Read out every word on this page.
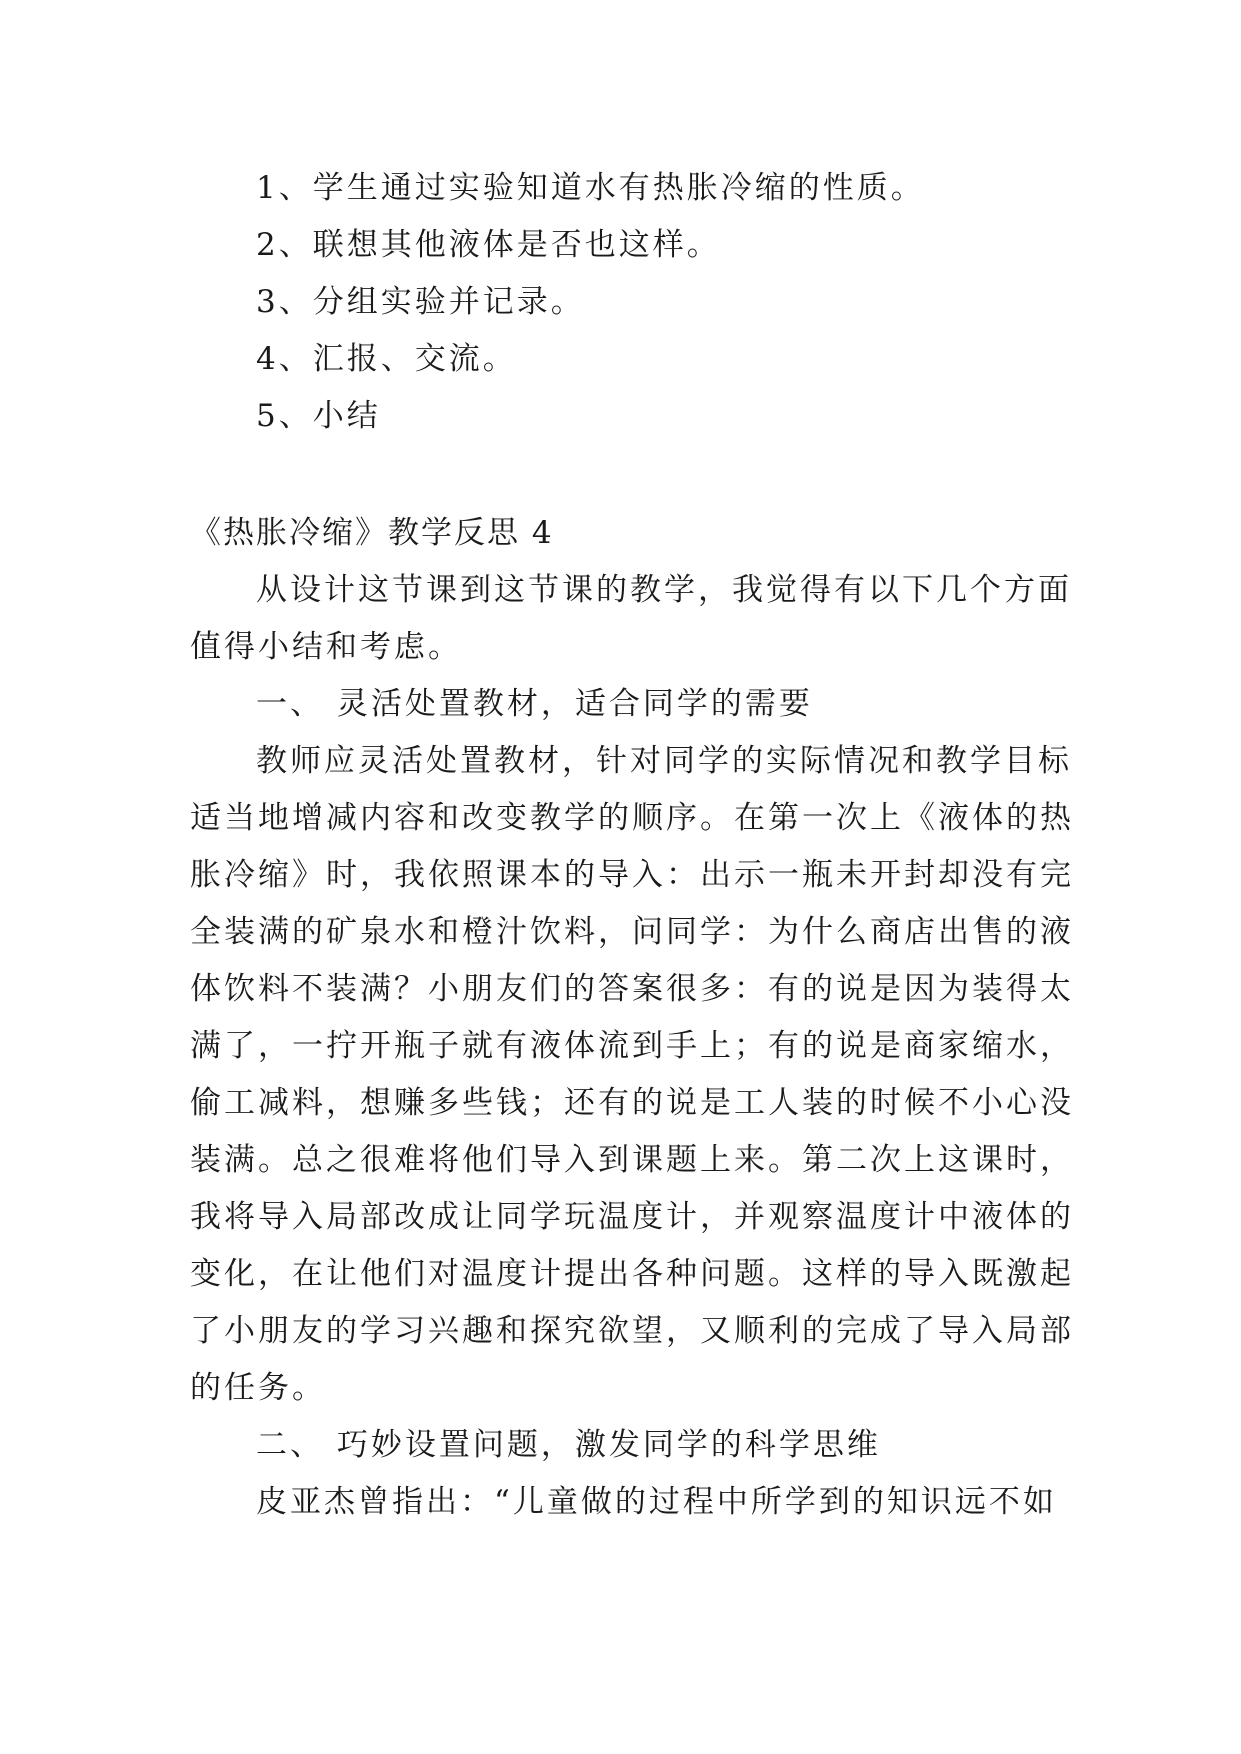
1、学生通过实验知道水有热胀冷缩的性质。
2、联想其他液体是否也这样。
3、分组实验并记录。
4、汇报、交流。
5、小结
《热胀冷缩》教学反思 4
从设计这节课到这节课的教学，我觉得有以下几个方面
值得小结和考虑。
一、 灵活处置教材，适合同学的需要
教师应灵活处置教材，针对同学的实际情况和教学目标
适当地增减内容和改变教学的顺序。在第一次上《液体的热
胀冷缩》时，我依照课本的导入：出示一瓶未开封却没有完
全装满的矿泉水和橙汁饮料，问同学：为什么商店出售的液
体饮料不装满？小朋友们的答案很多：有的说是因为装得太
满了，一拧开瓶子就有液体流到手上；有的说是商家缩水，
偷工减料，想赚多些钱；还有的说是工人装的时候不小心没
装满。总之很难将他们导入到课题上来。第二次上这课时，
我将导入局部改成让同学玩温度计，并观察温度计中液体的
变化，在让他们对温度计提出各种问题。这样的导入既激起
了小朋友的学习兴趣和探究欲望，又顺利的完成了导入局部
的任务。
二、 巧妙设置问题，激发同学的科学思维
皮亚杰曾指出：“儿童做的过程中所学到的知识远不如
